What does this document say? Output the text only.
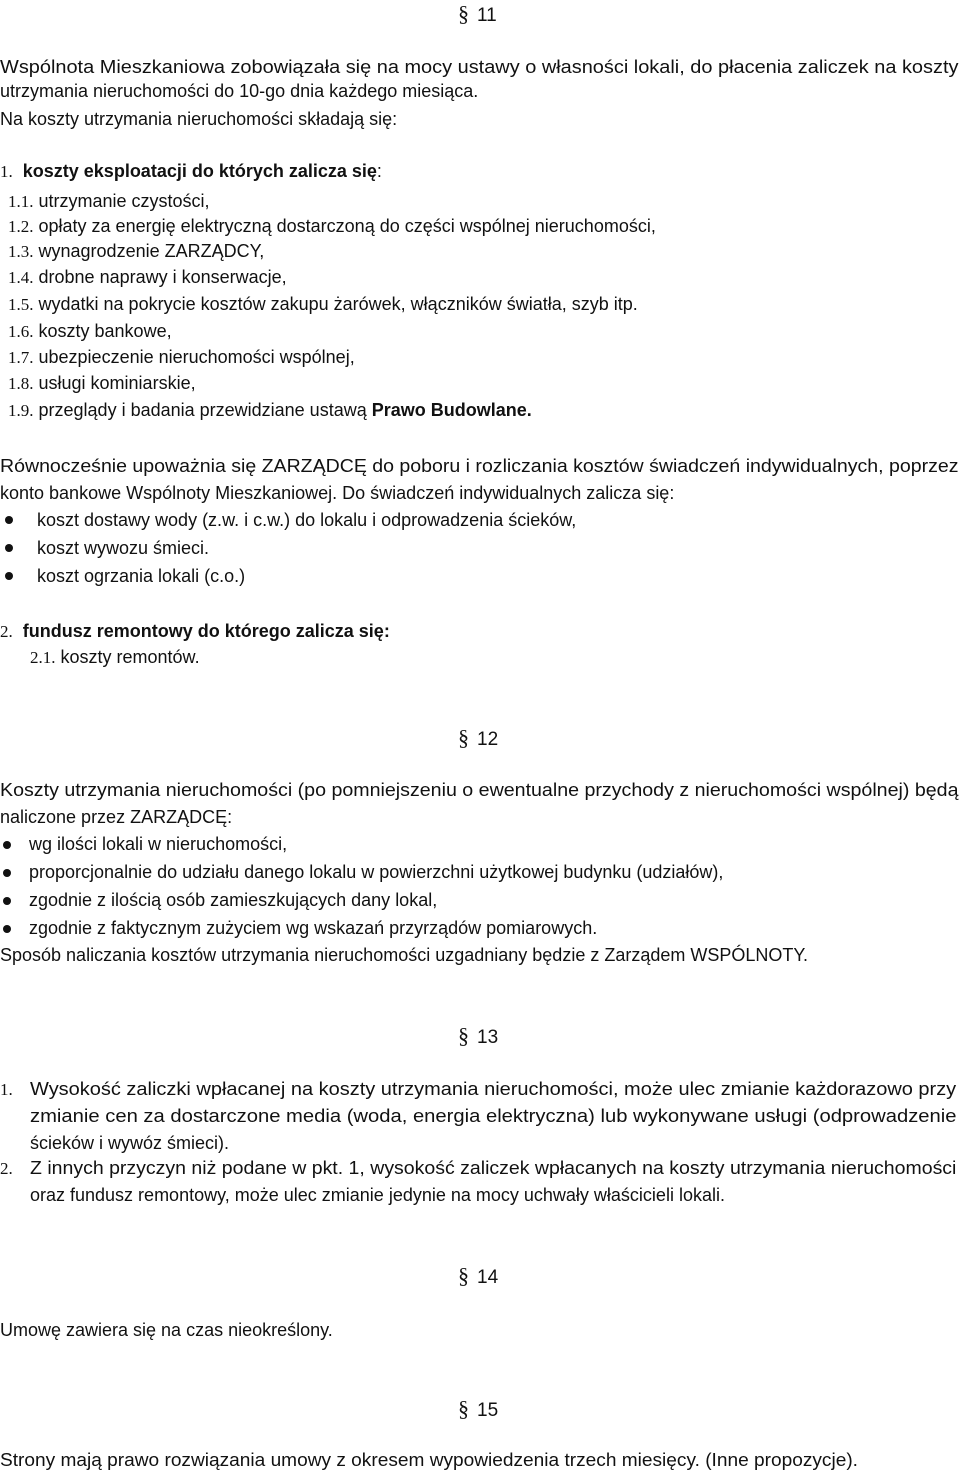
§ 11
Wspólnota Mieszkaniowa zobowiązała się na mocy ustawy o własności lokali, do płacenia zaliczek na koszty
utrzymania nieruchomości do 10-go dnia każdego miesiąca.
Na koszty utrzymania nieruchomości składają się:
1. koszty eksploatacji do których zalicza się:
1.1. utrzymanie czystości,
1.2. opłaty za energię elektryczną dostarczoną do części wspólnej nieruchomości,
1.3. wynagrodzenie ZARZĄDCY,
1.4. drobne naprawy i konserwacje,
1.5. wydatki na pokrycie kosztów zakupu żarówek, włączników światła, szyb itp.
1.6. koszty bankowe,
1.7. ubezpieczenie nieruchomości wspólnej,
1.8. usługi kominiarskie,
1.9. przeglądy i badania przewidziane ustawą Prawo Budowlane.
Równocześnie upoważnia się ZARZĄDCĘ do poboru i rozliczania kosztów świadczeń indywidualnych, poprzez
konto bankowe Wspólnoty Mieszkaniowej. Do świadczeń indywidualnych zalicza się:
koszt dostawy wody (z.w. i c.w.) do lokalu i odprowadzenia ścieków,
koszt wywozu śmieci.
koszt ogrzania lokali (c.o.)
2. fundusz remontowy do którego zalicza się:
2.1. koszty remontów.
§ 12
Koszty utrzymania nieruchomości (po pomniejszeniu o ewentualne przychody z nieruchomości wspólnej) będą
naliczone przez ZARZĄDCĘ:
wg ilości lokali w nieruchomości,
proporcjonalnie do udziału danego lokalu w powierzchni użytkowej budynku (udziałów),
zgodnie z ilością osób zamieszkujących dany lokal,
zgodnie z faktycznym zużyciem wg wskazań przyrządów pomiarowych.
Sposób naliczania kosztów utrzymania nieruchomości uzgadniany będzie z Zarządem WSPÓLNOTY.
§ 13
1. Wysokość zaliczki wpłacanej na koszty utrzymania nieruchomości, może ulec zmianie każdorazowo przy
zmianie cen za dostarczone media (woda, energia elektryczna) lub wykonywane usługi (odprowadzenie
ścieków i wywóz śmieci).
2. Z innych przyczyn niż podane w pkt. 1, wysokość zaliczek wpłacanych na koszty utrzymania nieruchomości
oraz fundusz remontowy, może ulec zmianie jedynie na mocy uchwały właścicieli lokali.
§ 14
Umowę zawiera się na czas nieokreślony.
§ 15
Strony mają prawo rozwiązania umowy z okresem wypowiedzenia trzech miesięcy. (Inne propozycje).
